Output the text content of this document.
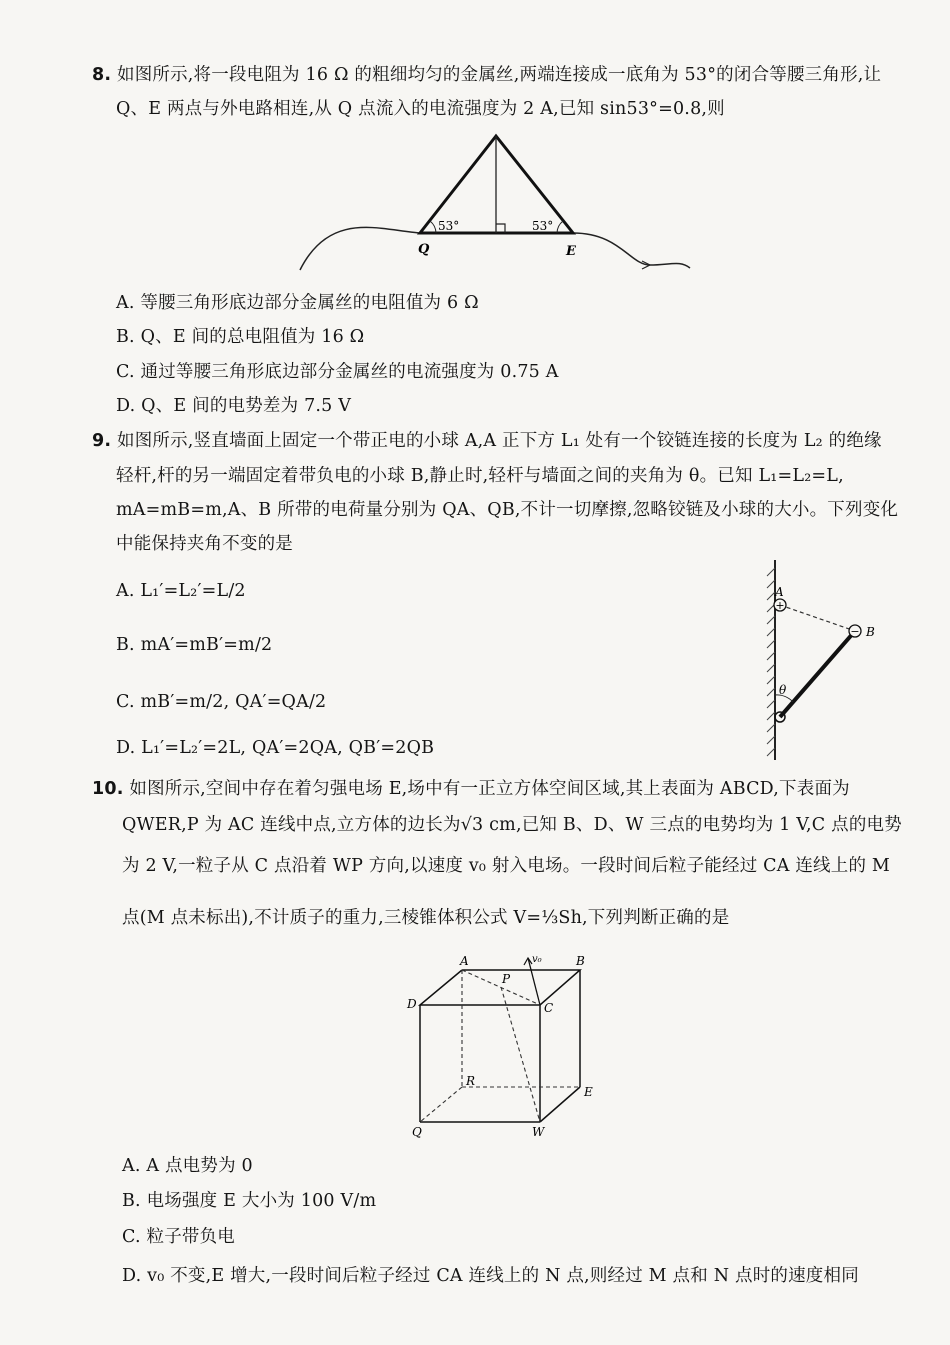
8. 如图所示,将一段电阻为 16 Ω 的粗细均匀的金属丝,两端连接成一底角为 53°的闭合等腰三角形,让
Q、E 两点与外电路相连,从 Q 点流入的电流强度为 2 A,已知 sin53°=0.8,则
53°	53°
Q	E
A. 等腰三角形底边部分金属丝的电阻值为 6 Ω
B. Q、E 间的总电阻值为 16 Ω
C. 通过等腰三角形底边部分金属丝的电流强度为 0.75 A
D. Q、E 间的电势差为 7.5 V
9. 如图所示,竖直墙面上固定一个带正电的小球 A,A 正下方 L₁ 处有一个铰链连接的长度为 L₂ 的绝缘
轻杆,杆的另一端固定着带负电的小球 B,静止时,轻杆与墙面之间的夹角为 θ。已知 L₁=L₂=L,
mA=mB=m,A、B 所带的电荷量分别为 QA、QB,不计一切摩擦,忽略铰链及小球的大小。下列变化
中能保持夹角不变的是
A. L₁′=L₂′=L/2
B. mA′=mB′=m/2
C. mB′=m/2, QA′=QA/2
D. L₁′=L₂′=2L, QA′=2QA, QB′=2QB
+
−
A
B
θ
10. 如图所示,空间中存在着匀强电场 E,场中有一正立方体空间区域,其上表面为 ABCD,下表面为
QWER,P 为 AC 连线中点,立方体的边长为√3 cm,已知 B、D、W 三点的电势均为 1 V,C 点的电势
为 2 V,一粒子从 C 点沿着 WP 方向,以速度 v₀ 射入电场。一段时间后粒子能经过 CA 连线上的 M
点(M 点未标出),不计质子的重力,三棱锥体积公式 V=⅓Sh,下列判断正确的是
A	B
C
D
P
v₀
R
E
Q	W
A. A 点电势为 0
B. 电场强度 E 大小为 100 V/m
C. 粒子带负电
D. v₀ 不变,E 增大,一段时间后粒子经过 CA 连线上的 N 点,则经过 M 点和 N 点时的速度相同
